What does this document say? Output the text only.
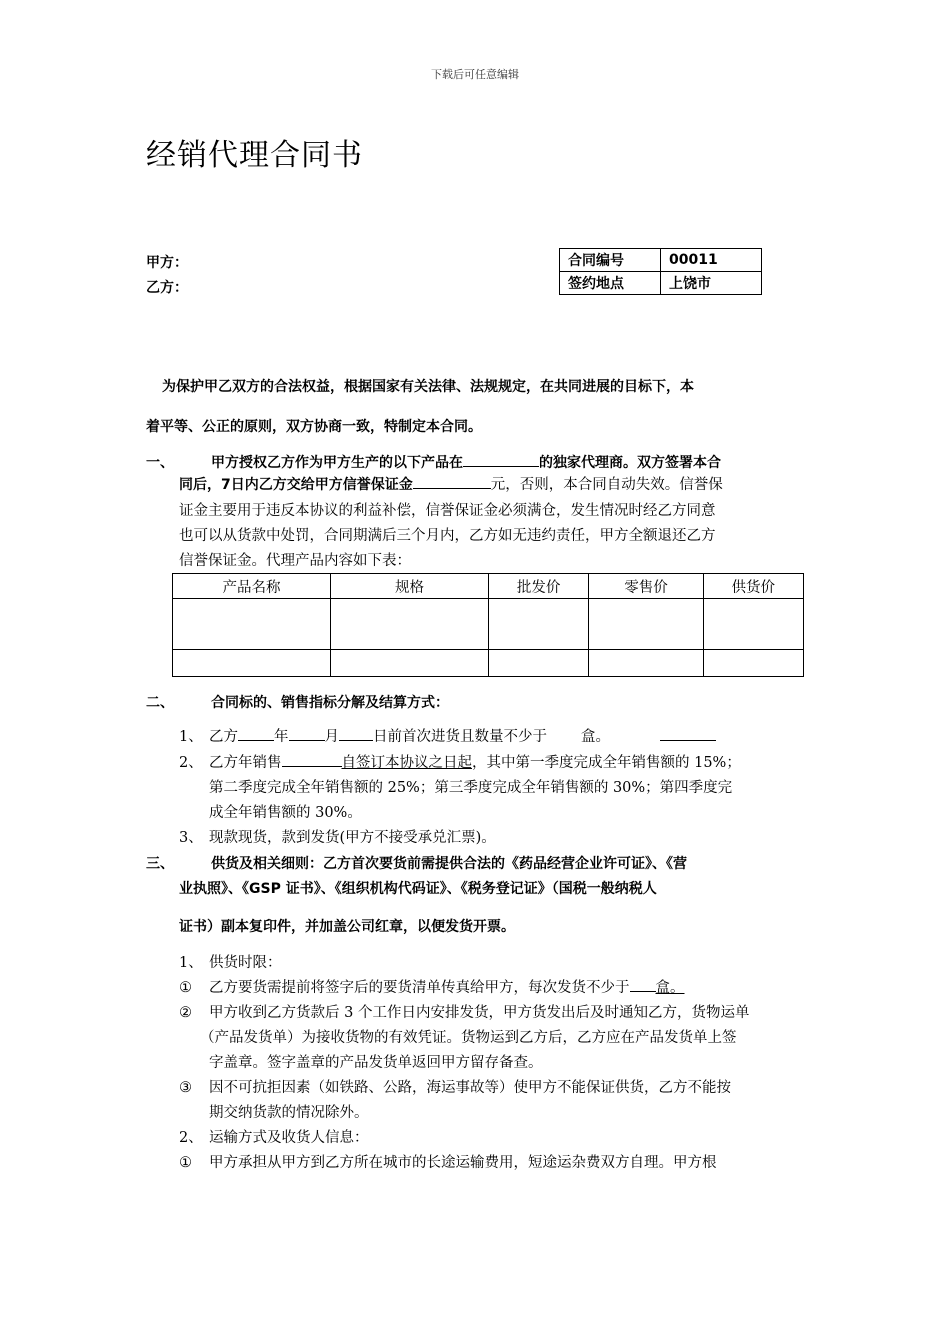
下载后可任意编辑
经销代理合同书
甲方：
乙方：
合同编号	00011
签约地点	上饶市
为保护甲乙双方的合法权益，根据国家有关法律、法规规定，在共同进展的目标下，本
着平等、公正的原则，双方协商一致，特制定本合同。
一、	甲方授权乙方作为甲方生产的以下产品在	的独家代理商。双方签署本合
同后，7日内乙方交给甲方信誉保证金	元，否则，本合同自动失效。信誉保
证金主要用于违反本协议的利益补偿，信誉保证金必须满仓，发生情况时经乙方同意
也可以从货款中处罚，合同期满后三个月内，乙方如无违约责任，甲方全额退还乙方
信誉保证金。代理产品内容如下表：
产品名称	规格	批发价	零售价	供货价

二、	合同标的、销售指标分解及结算方式：
1、 乙方 年 月 日前首次进货且数量不少于 盒。
2、 乙方年销售	自签订本协议之日起，其中第一季度完成全年销售额的 15%；
第二季度完成全年销售额的 25%；第三季度完成全年销售额的 30%；第四季度完
成全年销售额的 30%。
3、 现款现货，款到发货(甲方不接受承兑汇票)。
三、	供货及相关细则：乙方首次要货前需提供合法的《药品经营企业许可证》、《营
业执照》、《GSP 证书》、《组织机构代码证》、《税务登记证》（国税一般纳税人
证书）副本复印件，并加盖公司红章，以便发货开票。
1、 供货时限：
① 乙方要货需提前将签字后的要货清单传真给甲方，每次发货不少于 盒。
② 甲方收到乙方货款后 3 个工作日内安排发货，甲方货发出后及时通知乙方，货物运单
（产品发货单）为接收货物的有效凭证。货物运到乙方后，乙方应在产品发货单上签
字盖章。签字盖章的产品发货单返回甲方留存备查。
③ 因不可抗拒因素（如铁路、公路，海运事故等）使甲方不能保证供货，乙方不能按
期交纳货款的情况除外。
2、 运输方式及收货人信息：
① 甲方承担从甲方到乙方所在城市的长途运输费用，短途运杂费双方自理。甲方根
